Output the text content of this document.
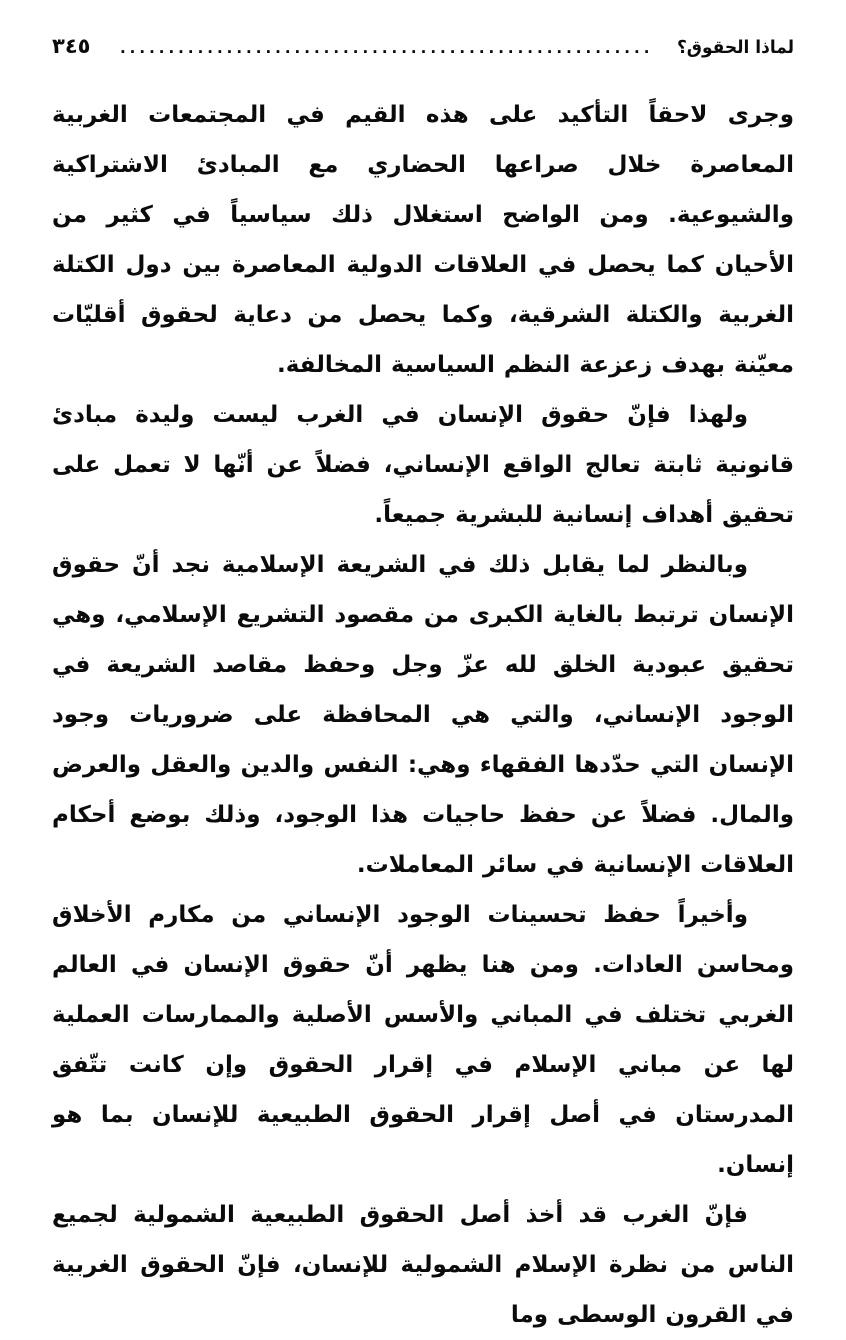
لماذا الحقوق؟
.......................................................
٣٤٥

وجرى لاحقاً التأكيد على هذه القيم في المجتمعات الغربية المعاصرة خلال صراعها الحضاري مع المبادئ الاشتراكية والشيوعية. ومن الواضح استغلال ذلك سياسياً في كثير من الأحيان كما يحصل في العلاقات الدولية المعاصرة بين دول الكتلة الغربية والكتلة الشرقية، وكما يحصل من دعاية لحقوق أقليّات معيّنة بهدف زعزعة النظم السياسية المخالفة.

ولهذا فإنّ حقوق الإنسان في الغرب ليست وليدة مبادئ قانونية ثابتة تعالج الواقع الإنساني، فضلاً عن أنّها لا تعمل على تحقيق أهداف إنسانية للبشرية جميعاً.

وبالنظر لما يقابل ذلك في الشريعة الإسلامية نجد أنّ حقوق الإنسان ترتبط بالغاية الكبرى من مقصود التشريع الإسلامي، وهي تحقيق عبودية الخلق لله عزّ وجل وحفظ مقاصد الشريعة في الوجود الإنساني، والتي هي المحافظة على ضروريات وجود الإنسان التي حدّدها الفقهاء وهي: النفس والدين والعقل والعرض والمال. فضلاً عن حفظ حاجيات هذا الوجود، وذلك بوضع أحكام العلاقات الإنسانية في سائر المعاملات.

وأخيراً حفظ تحسينات الوجود الإنساني من مكارم الأخلاق ومحاسن العادات. ومن هنا يظهر أنّ حقوق الإنسان في العالم الغربي تختلف في المباني والأسس الأصلية والممارسات العملية لها عن مباني الإسلام في إقرار الحقوق وإن كانت تتّفق المدرستان في أصل إقرار الحقوق الطبيعية للإنسان بما هو إنسان.

فإنّ الغرب قد أخذ أصل الحقوق الطبيعية الشمولية لجميع الناس من نظرة الإسلام الشمولية للإنسان، فإنّ الحقوق الغربية في القرون الوسطى وما
